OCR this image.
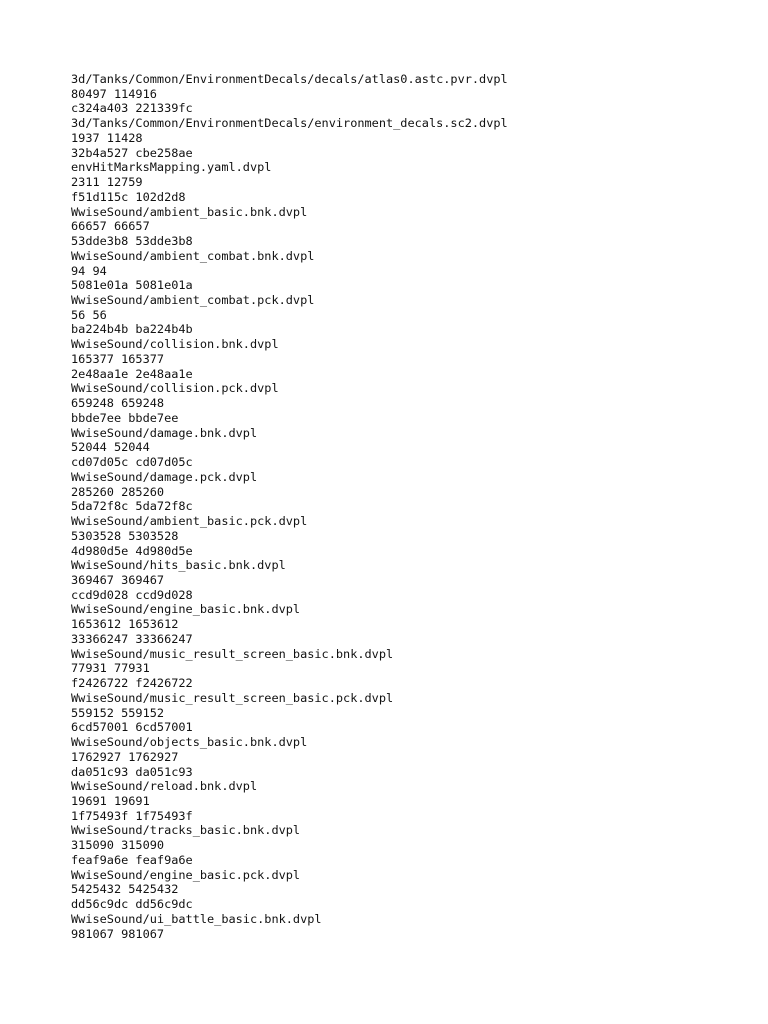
3d/Tanks/Common/EnvironmentDecals/decals/atlas0.astc.pvr.dvpl
80497 114916
c324a403 221339fc
3d/Tanks/Common/EnvironmentDecals/environment_decals.sc2.dvpl
1937 11428
32b4a527 cbe258ae
envHitMarksMapping.yaml.dvpl
2311 12759
f51d115c 102d2d8
WwiseSound/ambient_basic.bnk.dvpl
66657 66657
53dde3b8 53dde3b8
WwiseSound/ambient_combat.bnk.dvpl
94 94
5081e01a 5081e01a
WwiseSound/ambient_combat.pck.dvpl
56 56
ba224b4b ba224b4b
WwiseSound/collision.bnk.dvpl
165377 165377
2e48aa1e 2e48aa1e
WwiseSound/collision.pck.dvpl
659248 659248
bbde7ee bbde7ee
WwiseSound/damage.bnk.dvpl
52044 52044
cd07d05c cd07d05c
WwiseSound/damage.pck.dvpl
285260 285260
5da72f8c 5da72f8c
WwiseSound/ambient_basic.pck.dvpl
5303528 5303528
4d980d5e 4d980d5e
WwiseSound/hits_basic.bnk.dvpl
369467 369467
ccd9d028 ccd9d028
WwiseSound/engine_basic.bnk.dvpl
1653612 1653612
33366247 33366247
WwiseSound/music_result_screen_basic.bnk.dvpl
77931 77931
f2426722 f2426722
WwiseSound/music_result_screen_basic.pck.dvpl
559152 559152
6cd57001 6cd57001
WwiseSound/objects_basic.bnk.dvpl
1762927 1762927
da051c93 da051c93
WwiseSound/reload.bnk.dvpl
19691 19691
1f75493f 1f75493f
WwiseSound/tracks_basic.bnk.dvpl
315090 315090
feaf9a6e feaf9a6e
WwiseSound/engine_basic.pck.dvpl
5425432 5425432
dd56c9dc dd56c9dc
WwiseSound/ui_battle_basic.bnk.dvpl
981067 981067
